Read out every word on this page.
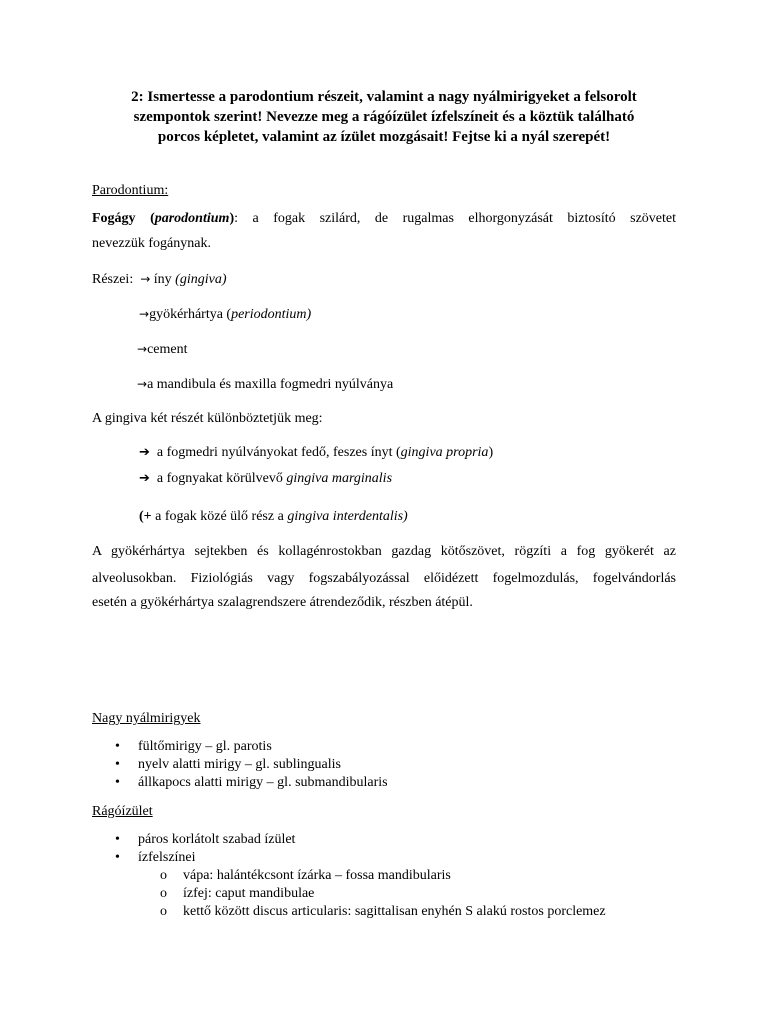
2: Ismertesse a parodontium részeit, valamint a nagy nyálmirigyeket a felsorolt
szempontok szerint! Nevezze meg a rágóízület ízfelszíneit és a köztük található
porcos képletet, valamint az ízület mozgásait! Fejtse ki a nyál szerepét!

Parodontium:

Fogágy (parodontium): a fogak szilárd, de rugalmas elhorgonyzását biztosító szövetet

nevezzük fogánynak.

Részei: → íny (gingiva)

→gyökérhártya (periodontium)

→cement

→a mandibula és maxilla fogmedri nyúlványa

A gingiva két részét különböztetjük meg:

➔ a fogmedri nyúlványokat fedő, feszes ínyt (gingiva propria)

➔ a fognyakat körülvevő gingiva marginalis

(+ a fogak közé ülő rész a gingiva interdentalis)

A gyökérhártya sejtekben és kollagénrostokban gazdag kötőszövet, rögzíti a fog gyökerét az

alveolusokban. Fiziológiás vagy fogszabályozással előidézett fogelmozdulás, fogelvándorlás

esetén a gyökérhártya szalagrendszere átrendeződik, részben átépül.

Nagy nyálmirigyek

• fültőmirigy – gl. parotis
• nyelv alatti mirigy – gl. sublingualis
• állkapocs alatti mirigy – gl. submandibularis

Rágóízület

• páros korlátolt szabad ízület
• ízfelszínei
o vápa: halántékcsont ízárka – fossa mandibularis
o ízfej: caput mandibulae
o kettő között discus articularis: sagittalisan enyhén S alakú rostos porclemez
